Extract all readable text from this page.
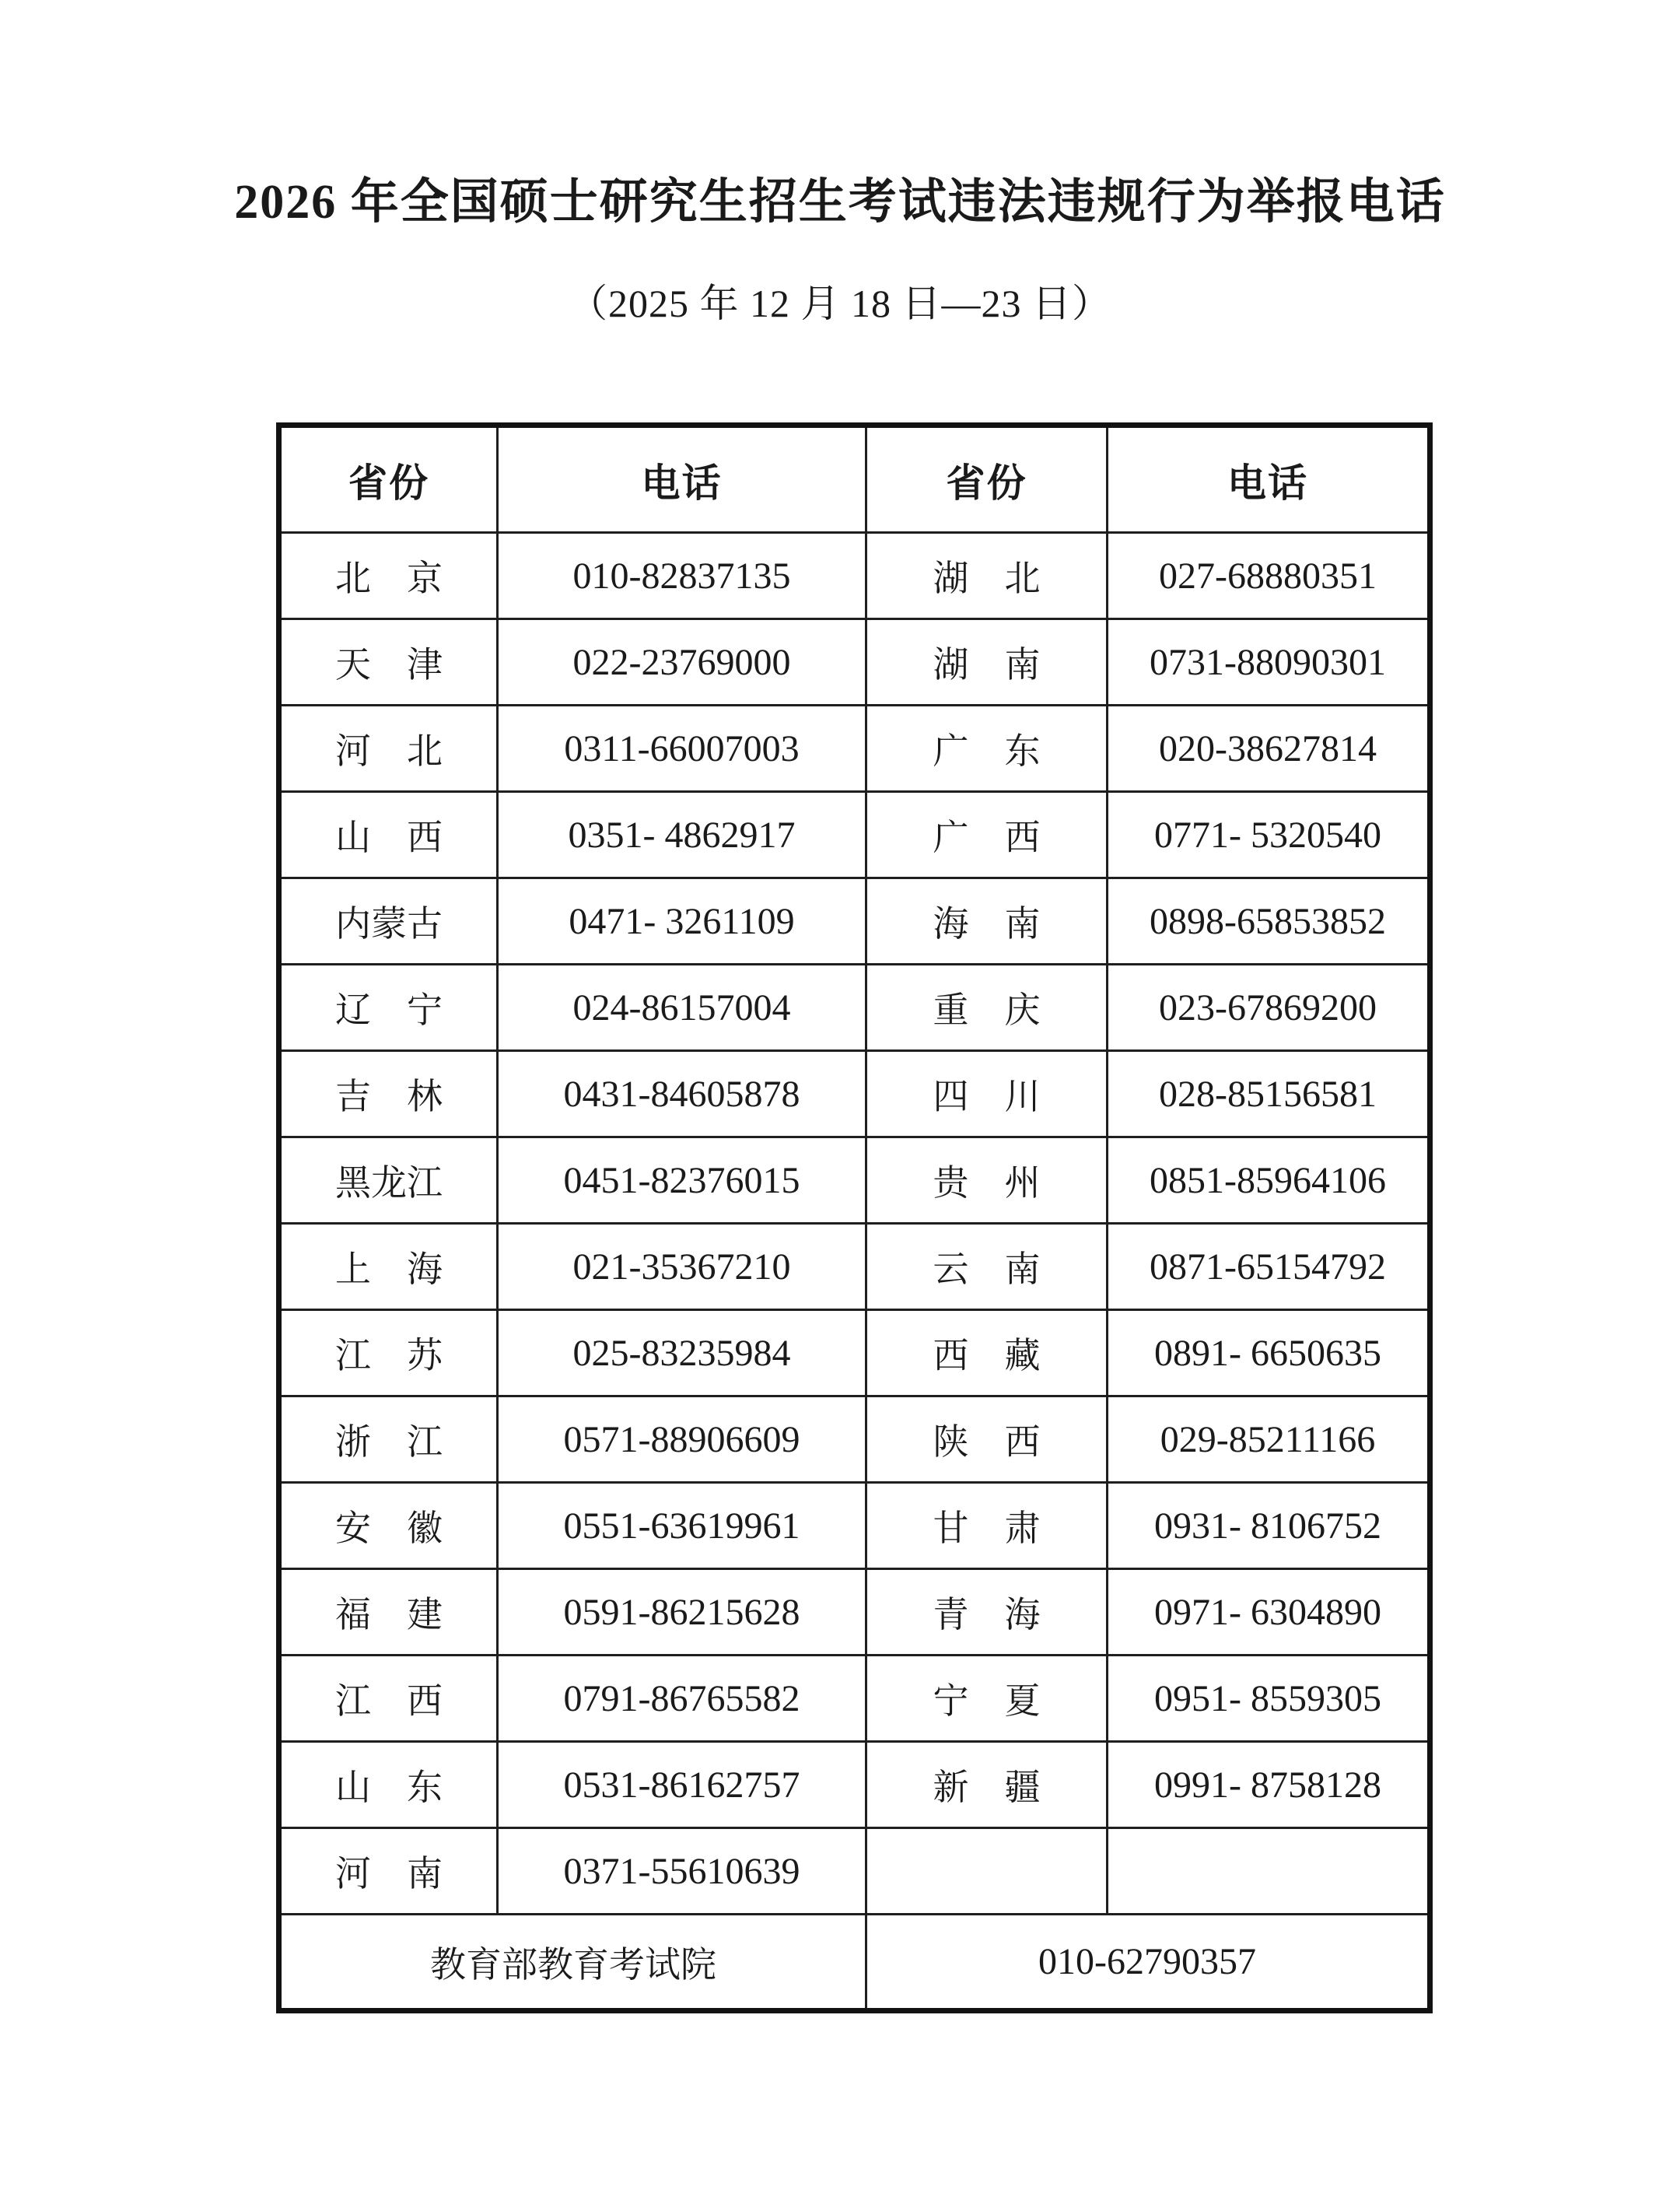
2026 年全国硕士研究生招生考试违法违规行为举报电话
（2025 年 12 月 18 日—23 日）
省份	电话	省份	电话
北　京	010-82837135	湖　北	027-68880351
天　津	022-23769000	湖　南	0731-88090301
河　北	0311-66007003	广　东	020-38627814
山　西	0351- 4862917	广　西	0771- 5320540
内蒙古	0471- 3261109	海　南	0898-65853852
辽　宁	024-86157004	重　庆	023-67869200
吉　林	0431-84605878	四　川	028-85156581
黑龙江	0451-82376015	贵　州	0851-85964106
上　海	021-35367210	云　南	0871-65154792
江　苏	025-83235984	西　藏	0891- 6650635
浙　江	0571-88906609	陕　西	029-85211166
安　徽	0551-63619961	甘　肃	0931- 8106752
福　建	0591-86215628	青　海	0971- 6304890
江　西	0791-86765582	宁　夏	0951- 8559305
山　东	0531-86162757	新　疆	0991- 8758128
河　南	0371-55610639		
教育部教育考试院		010-62790357	
